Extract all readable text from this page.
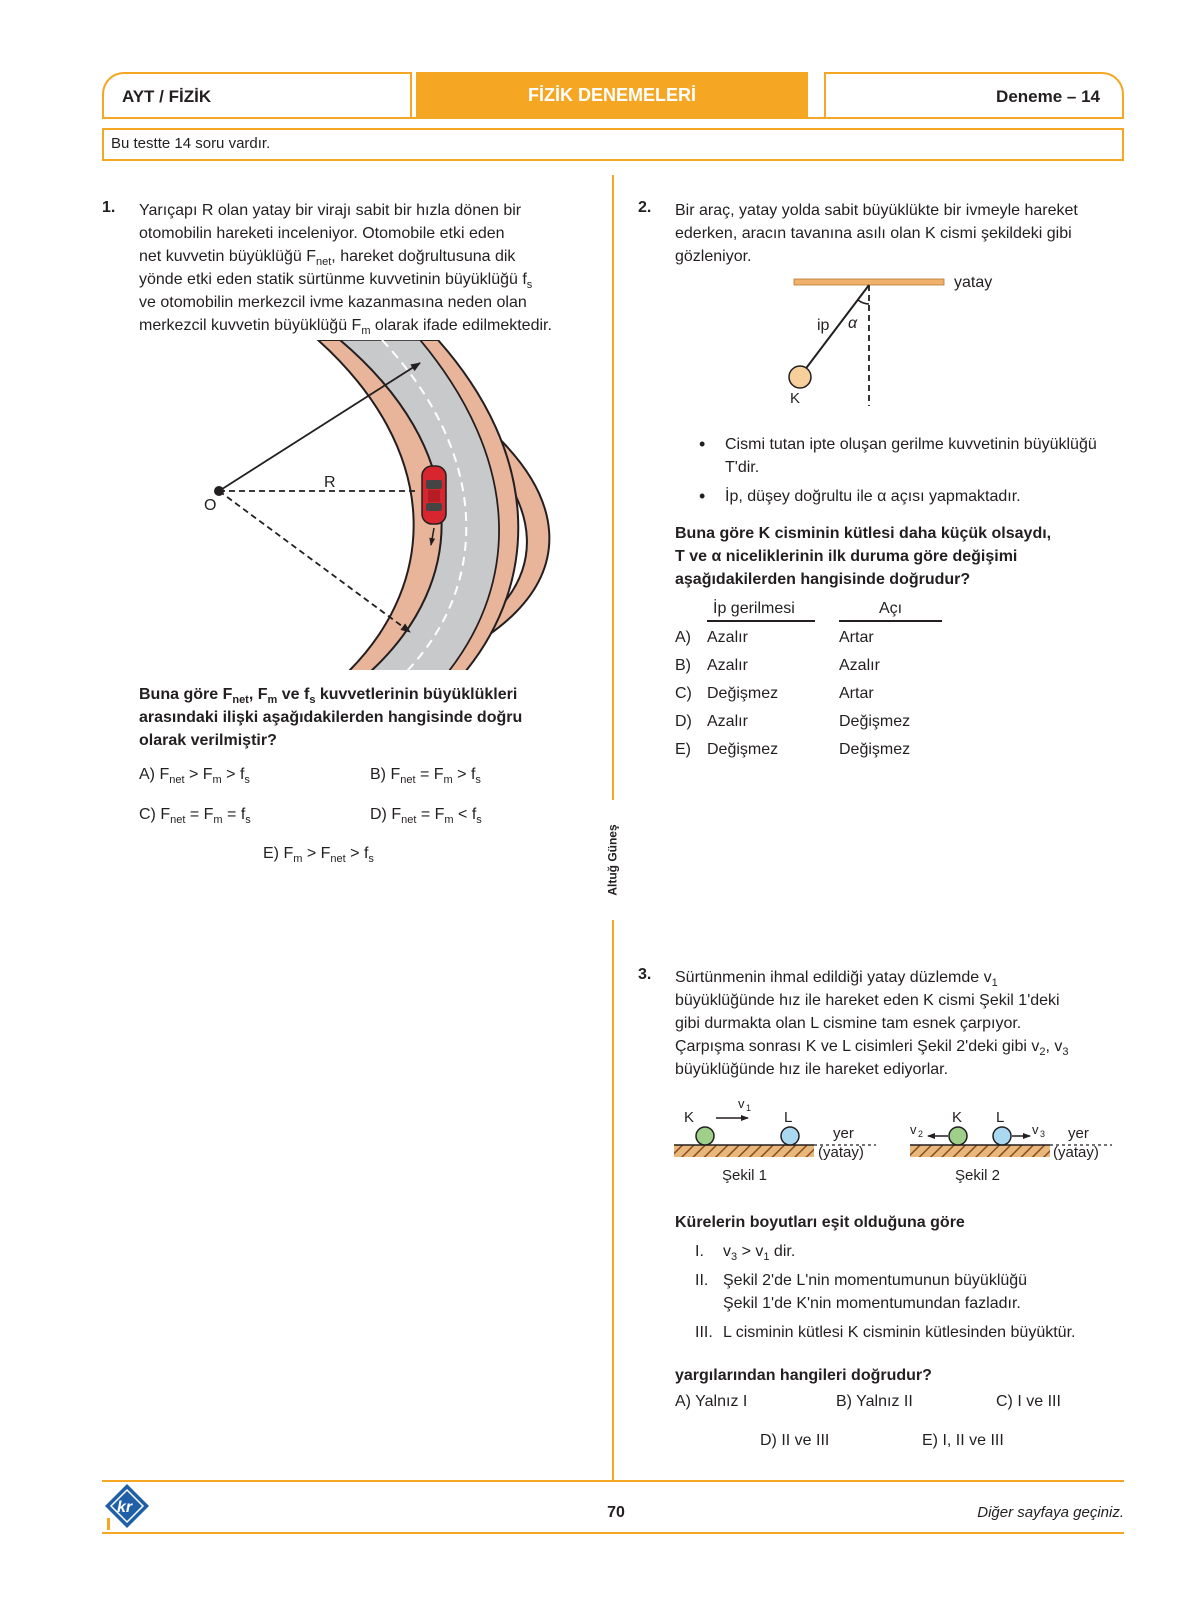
AYT / FİZİK	FİZİK DENEMELERİ	Deneme – 14
Bu testte 14 soru vardır.
Altuğ Güneş
1. Yarıçapı R olan yatay bir virajı sabit bir hızla dönen bir
otomobilin hareketi inceleniyor. Otomobile etki eden
net kuvvetin büyüklüğü $F_{net}$, hareket doğrultusuna dik
yönde etki eden statik sürtünme kuvvetinin büyüklüğü $f_s$
ve otomobilin merkezcil ivme kazanmasına neden olan
merkezcil kuvvetin büyüklüğü $F_m$ olarak ifade edilmektedir.
O
R
Buna göre $F_{net}$, $F_m$ ve $f_s$ kuvvetlerinin büyüklükleri
arasındaki ilişki aşağıdakilerden hangisinde doğru
olarak verilmiştir?
A) $F_{net} > F_m > f_s$	B) $F_{net} = F_m > f_s$
C) $F_{net} = F_m = f_s$	D) $F_{net} = F_m < f_s$
E) $F_m > F_{net} > f_s$
2. Bir araç, yatay yolda sabit büyüklükte bir ivmeyle hareket
ederken, aracın tavanına asılı olan K cismi şekildeki gibi
gözleniyor.
yatay
α
ip
K
• Cismi tutan ipte oluşan gerilme kuvvetinin büyüklüğü
T'dir.
• İp, düşey doğrultu ile α açısı yapmaktadır.
Buna göre K cisminin kütlesi daha küçük olsaydı,
T ve α niceliklerinin ilk duruma göre değişimi
aşağıdakilerden hangisinde doğrudur?
İp gerilmesi	Açı
A)	Azalır	Artar
B)	Azalır	Azalır
C) Değişmez	Artar
D) Azalır	Değişmez
E)	Değişmez	Değişmez
3. Sürtünmenin ihmal edildiği yatay düzlemde $v_1$
büyüklüğünde hız ile hareket eden K cismi Şekil 1'deki
gibi durmakta olan L cismine tam esnek çarpıyor.
Çarpışma sonrası K ve L cisimleri Şekil 2'deki gibi $v_2$, $v_3$
büyüklüğünde hız ile hareket ediyorlar.
K	L
v 1
yer
(yatay)
Şekil 1
K L
v 2	v 3 yer
(yatay)
Şekil 2
Kürelerin boyutları eşit olduğuna göre
I. $v_3 > v_1$ dir.
II. Şekil 2'de L'nin momentumunun büyüklüğü
Şekil 1'de K'nin momentumundan fazladır.
III. L cisminin kütlesi K cisminin kütlesinden büyüktür.
yargılarından hangileri doğrudur?
A) Yalnız I	B) Yalnız II	C) I ve III
D) II ve III	E) I, II ve III
kr	70	Diğer sayfaya geçiniz.
